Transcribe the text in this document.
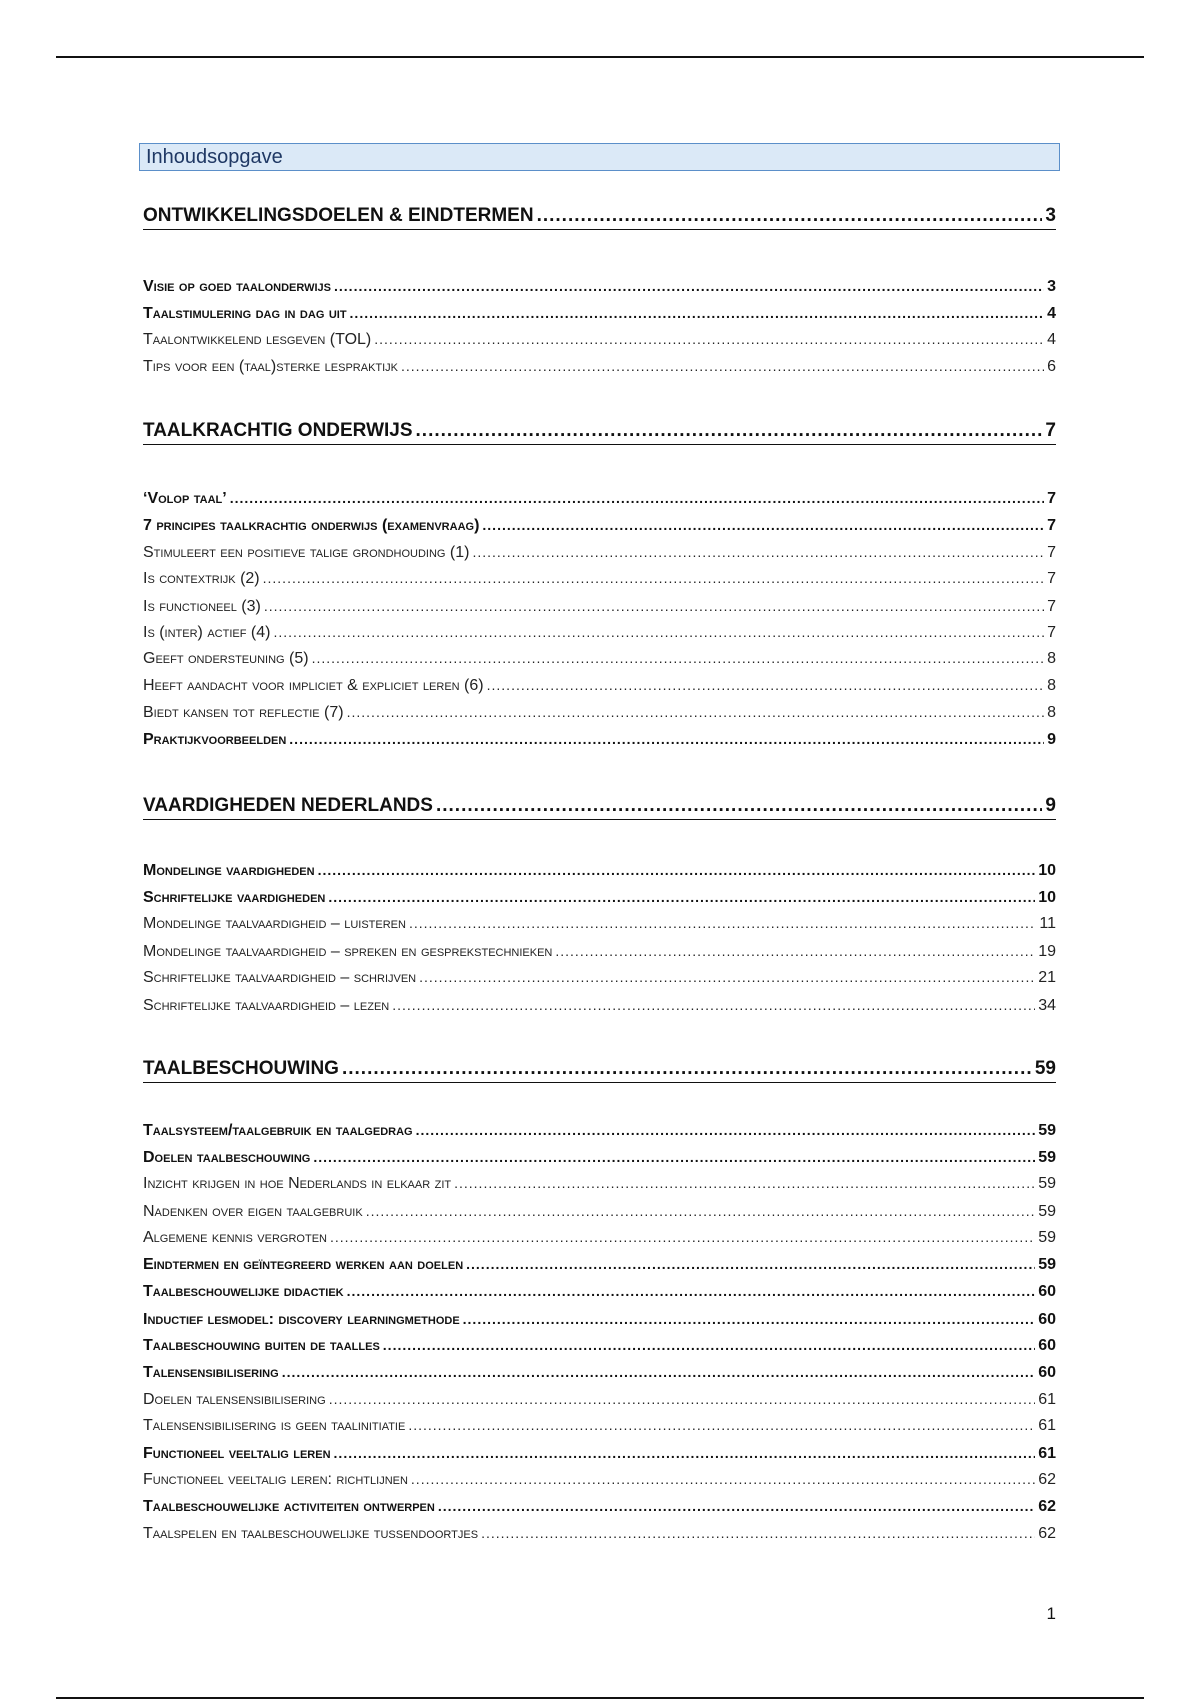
Inhoudsopgave
ONTWIKKELINGSDOELEN & EINDTERMEN .....	3
Visie op goed taalonderwijs .....	3
Taalstimulering dag in dag uit .....	4
Taalontwikkelend lesgeven (TOL) .....	4
Tips voor een (taal)sterke lespraktijk .....	6
TAALKRACHTIG ONDERWIJS .....	7
‘Volop taal’ .....	7
7 principes taalkrachtig onderwijs (examenvraag) .....	7
Stimuleert een positieve talige grondhouding (1) .....	7
Is contextrijk (2) .....	7
Is functioneel (3) .....	7
Is (inter) actief (4) .....	7
Geeft ondersteuning (5) .....	8
Heeft aandacht voor impliciet & expliciet leren (6) .....	8
Biedt kansen tot reflectie (7) .....	8
Praktijkvoorbeelden .....	9
VAARDIGHEDEN NEDERLANDS .....	9
Mondelinge vaardigheden .....	10
Schriftelijke vaardigheden .....	10
Mondelinge taalvaardigheid – luisteren .....	11
Mondelinge taalvaardigheid – spreken en gesprekstechnieken .....	19
Schriftelijke taalvaardigheid – schrijven .....	21
Schriftelijke taalvaardigheid – lezen .....	34
TAALBESCHOUWING .....	59
Taalsysteem/taalgebruik en taalgedrag .....	59
Doelen taalbeschouwing .....	59
Inzicht krijgen in hoe Nederlands in elkaar zit .....	59
Nadenken over eigen taalgebruik .....	59
Algemene kennis vergroten .....	59
Eindtermen en geïntegreerd werken aan doelen .....	59
Taalbeschouwelijke didactiek .....	60
Inductief lesmodel: discovery learningmethode .....	60
Taalbeschouwing buiten de taalles .....	60
Talensensibilisering .....	60
Doelen talensensibilisering .....	61
Talensensibilisering is geen taalinitiatie .....	61
Functioneel veeltalig leren .....	61
Functioneel veeltalig leren: richtlijnen .....	62
Taalbeschouwelijke activiteiten ontwerpen .....	62
Taalspelen en taalbeschouwelijke tussendoortjes .....	62
1
